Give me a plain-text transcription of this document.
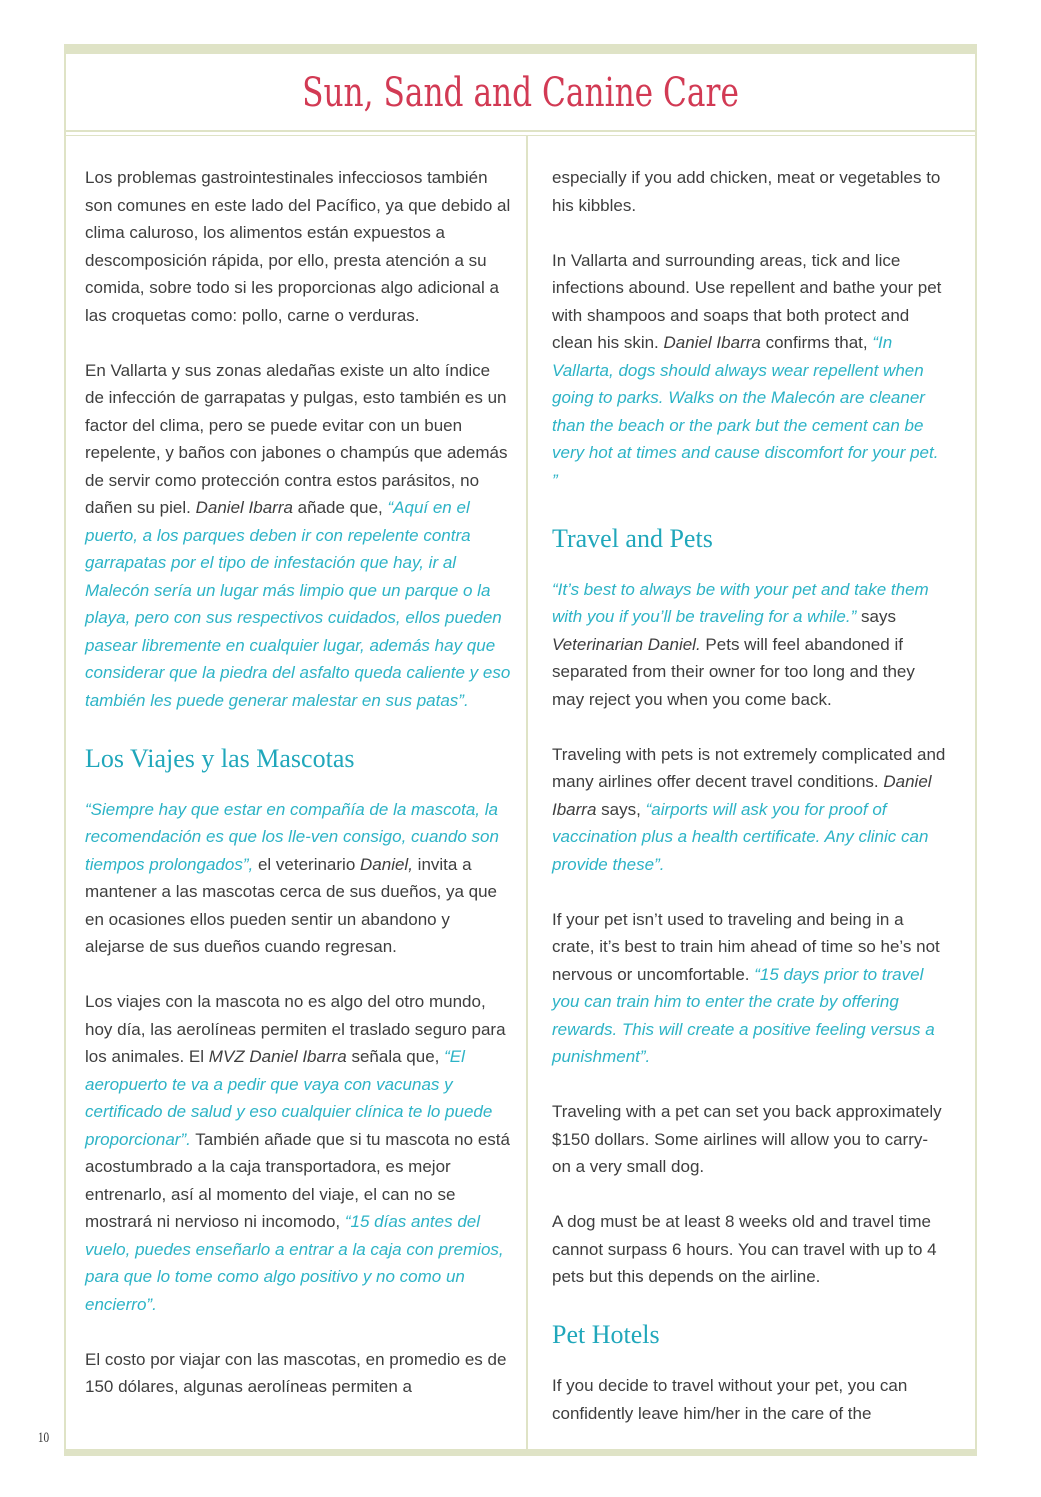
Sun, Sand and Canine Care

Los problemas gastrointestinales infecciosos también son comunes en este lado del Pacífico, ya que debido al clima caluroso, los alimentos están expuestos a descomposición rápida, por ello, presta atención a su comida, sobre todo si les proporcionas algo adicional a las croquetas como: pollo, carne o verduras.

En Vallarta y sus zonas aledañas existe un alto índice de infección de garrapatas y pulgas, esto también es un factor del clima, pero se puede evitar con un buen repelente, y baños con jabones o champús que además de servir como protección contra estos parásitos, no dañen su piel. Daniel Ibarra añade que, “Aquí en el puerto, a los parques deben ir con repelente contra garrapatas por el tipo de infestación que hay, ir al Malecón sería un lugar más limpio que un parque o la playa, pero con sus respectivos cuidados, ellos pueden pasear libremente en cualquier lugar, además hay que considerar que la piedra del asfalto queda caliente y eso también les puede generar malestar en sus patas”.

Los Viajes y las Mascotas

“Siempre hay que estar en compañía de la mascota, la recomendación es que los lle-ven consigo, cuando son tiempos prolongados”, el veterinario Daniel, invita a mantener a las mascotas cerca de sus dueños, ya que en ocasiones ellos pueden sentir un abandono y alejarse de sus dueños cuando regresan.

Los viajes con la mascota no es algo del otro mundo, hoy día, las aerolíneas permiten el traslado seguro para los animales. El MVZ Daniel Ibarra señala que, “El aeropuerto te va a pedir que vaya con vacunas y certificado de salud y eso cualquier clínica te lo puede proporcionar”. También añade que si tu mascota no está acostumbrado a la caja transportadora, es mejor entrenarlo, así al momento del viaje, el can no se mostrará ni nervioso ni incomodo, “15 días antes del vuelo, puedes enseñarlo a entrar a la caja con premios, para que lo tome como algo positivo y no como un encierro”.

El costo por viajar con las mascotas, en promedio es de 150 dólares, algunas aerolíneas permiten a

especially if you add chicken, meat or vegetables to his kibbles.

In Vallarta and surrounding areas, tick and lice infections abound. Use repellent and bathe your pet with shampoos and soaps that both protect and clean his skin. Daniel Ibarra confirms that, “In Vallarta, dogs should always wear repellent when going to parks. Walks on the Malecón are cleaner than the beach or the park but the cement can be very hot at times and cause discomfort for your pet. ”

Travel and Pets

“It’s best to always be with your pet and take them with you if you’ll be traveling for a while.” says Veterinarian Daniel. Pets will feel abandoned if separated from their owner for too long and they may reject you when you come back.

Traveling with pets is not extremely complicated and many airlines offer decent travel conditions. Daniel Ibarra says, “airports will ask you for proof of vaccination plus a health certificate. Any clinic can provide these”.

If your pet isn’t used to traveling and being in a crate, it’s best to train him ahead of time so he’s not nervous or uncomfortable. “15 days prior to travel you can train him to enter the crate by offering rewards. This will create a positive feeling versus a punishment”.

Traveling with a pet can set you back approximately $150 dollars. Some airlines will allow you to carry-on a very small dog.

A dog must be at least 8 weeks old and travel time cannot surpass 6 hours. You can travel with up to 4 pets but this depends on the airline.

Pet Hotels

If you decide to travel without your pet, you can confidently leave him/her in the care of the

10
